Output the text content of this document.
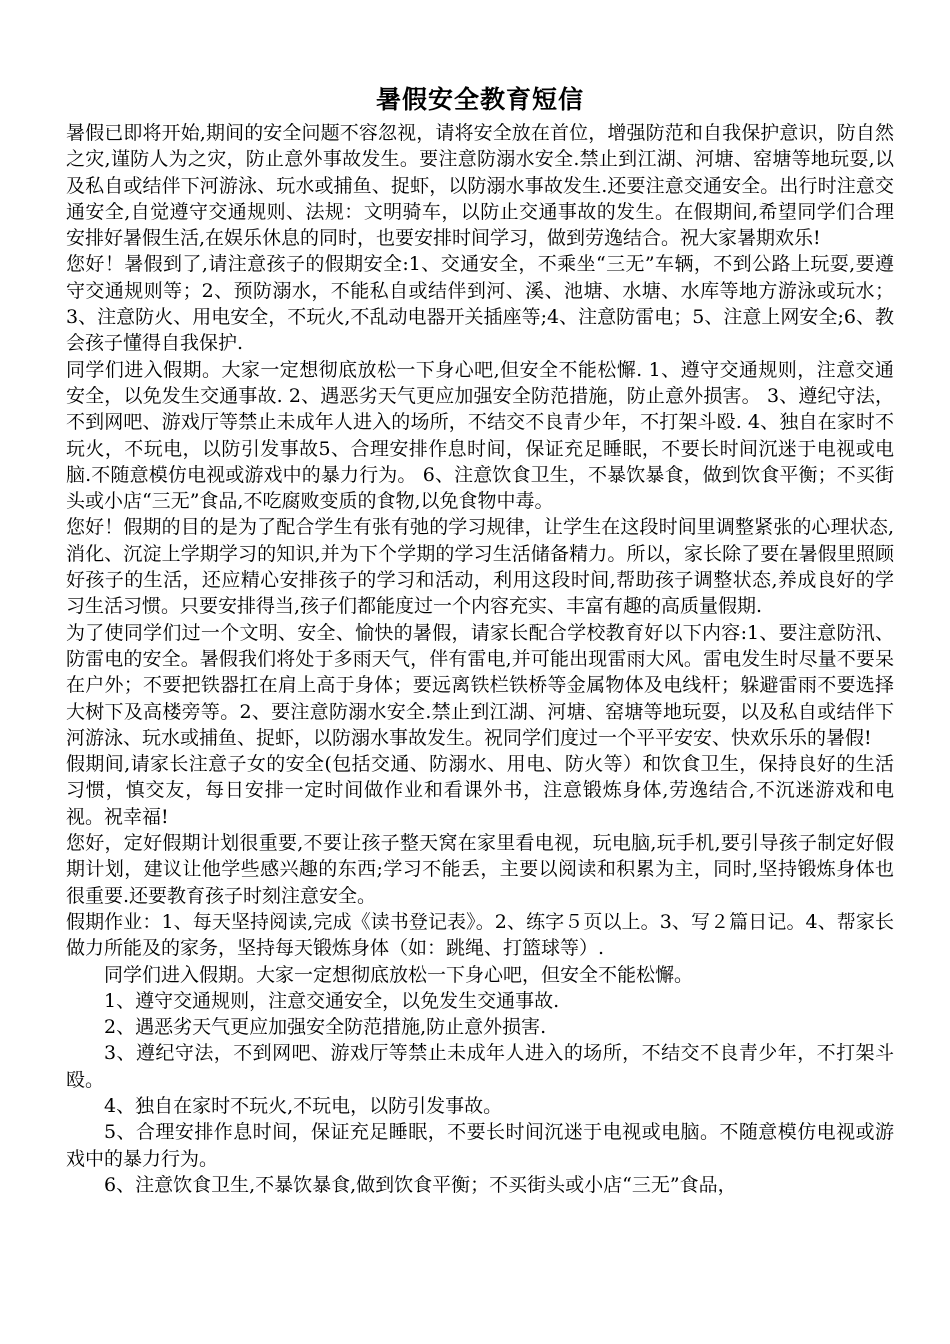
暑假安全教育短信

暑假已即将开始,期间的安全问题不容忽视，请将安全放在首位，增强防范和自我保护意识，防自然之灾,谨防人为之灾，防止意外事故发生。要注意防溺水安全.禁止到江湖、河塘、窑塘等地玩耍,以及私自或结伴下河游泳、玩水或捕鱼、捉虾，以防溺水事故发生.还要注意交通安全。出行时注意交通安全,自觉遵守交通规则、法规：文明骑车，以防止交通事故的发生。在假期间,希望同学们合理安排好暑假生活,在娱乐休息的同时，也要安排时间学习，做到劳逸结合。祝大家暑期欢乐!

您好！暑假到了,请注意孩子的假期安全:1、交通安全，不乘坐“三无”车辆，不到公路上玩耍,要遵守交通规则等；2、预防溺水，不能私自或结伴到河、溪、池塘、水塘、水库等地方游泳或玩水；3、注意防火、用电安全，不玩火,不乱动电器开关插座等;4、注意防雷电；5、注意上网安全;6、教会孩子懂得自我保护.

同学们进入假期。大家一定想彻底放松一下身心吧,但安全不能松懈. 1、遵守交通规则，注意交通安全，以免发生交通事故. 2、遇恶劣天气更应加强安全防范措施，防止意外损害。 3、遵纪守法，不到网吧、游戏厅等禁止未成年人进入的场所，不结交不良青少年，不打架斗殴. 4、独自在家时不玩火，不玩电，以防引发事故5、合理安排作息时间，保证充足睡眠，不要长时间沉迷于电视或电脑.不随意模仿电视或游戏中的暴力行为。 6、注意饮食卫生，不暴饮暴食，做到饮食平衡；不买街头或小店“三无”食品,不吃腐败变质的食物,以免食物中毒。

您好！假期的目的是为了配合学生有张有弛的学习规律，让学生在这段时间里调整紧张的心理状态,消化、沉淀上学期学习的知识,并为下个学期的学习生活储备精力。所以，家长除了要在暑假里照顾好孩子的生活，还应精心安排孩子的学习和活动，利用这段时间,帮助孩子调整状态,养成良好的学习生活习惯。只要安排得当,孩子们都能度过一个内容充实、丰富有趣的高质量假期.

为了使同学们过一个文明、安全、愉快的暑假，请家长配合学校教育好以下内容:1、要注意防汛、防雷电的安全。暑假我们将处于多雨天气，伴有雷电,并可能出现雷雨大风。雷电发生时尽量不要呆在户外；不要把铁器扛在肩上高于身体；要远离铁栏铁桥等金属物体及电线杆；躲避雷雨不要选择大树下及高楼旁等。2、要注意防溺水安全.禁止到江湖、河塘、窑塘等地玩耍，以及私自或结伴下河游泳、玩水或捕鱼、捉虾，以防溺水事故发生。祝同学们度过一个平平安安、快欢乐乐的暑假!

假期间,请家长注意子女的安全(包括交通、防溺水、用电、防火等）和饮食卫生，保持良好的生活习惯，慎交友，每日安排一定时间做作业和看课外书，注意锻炼身体,劳逸结合,不沉迷游戏和电视。祝幸福!

您好，定好假期计划很重要,不要让孩子整天窝在家里看电视，玩电脑,玩手机,要引导孩子制定好假期计划，建议让他学些感兴趣的东西;学习不能丢，主要以阅读和积累为主，同时,坚持锻炼身体也很重要.还要教育孩子时刻注意安全。

假期作业：1、每天坚持阅读,完成《读书登记表》。2、练字５页以上。3、写２篇日记。4、帮家长做力所能及的家务，坚持每天锻炼身体（如：跳绳、打篮球等）.

同学们进入假期。大家一定想彻底放松一下身心吧，但安全不能松懈。

1、遵守交通规则，注意交通安全，以免发生交通事故.

2、遇恶劣天气更应加强安全防范措施,防止意外损害.

3、遵纪守法，不到网吧、游戏厅等禁止未成年人进入的场所，不结交不良青少年，不打架斗殴。

4、独自在家时不玩火,不玩电，以防引发事故。

5、合理安排作息时间，保证充足睡眠，不要长时间沉迷于电视或电脑。不随意模仿电视或游戏中的暴力行为。

6、注意饮食卫生,不暴饮暴食,做到饮食平衡；不买街头或小店“三无”食品，
